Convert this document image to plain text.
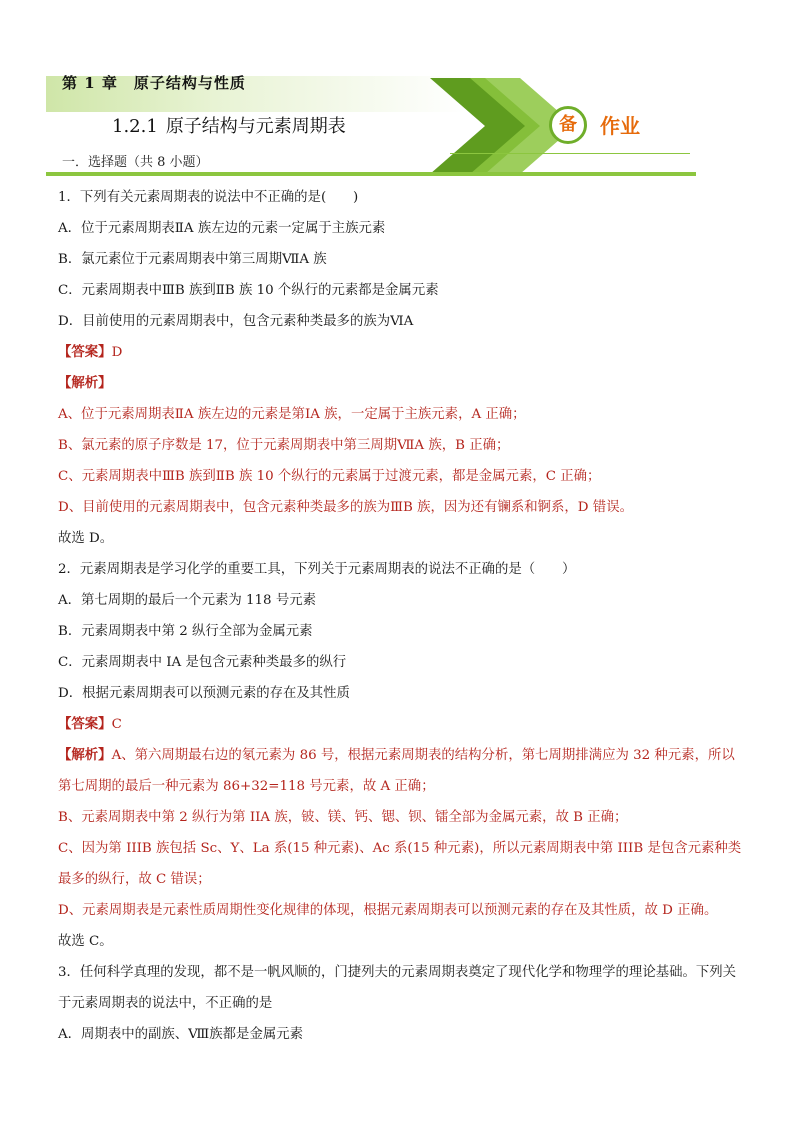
第 1 章　原子结构与性质
1.2.1 原子结构与元素周期表	备	作业
一．选择题（共 8 小题）
1．下列有关元素周期表的说法中不正确的是(　　)
A．位于元素周期表ⅡA 族左边的元素一定属于主族元素
B．氯元素位于元素周期表中第三周期ⅦA 族
C．元素周期表中ⅢB 族到ⅡB 族 10 个纵行的元素都是金属元素
D．目前使用的元素周期表中，包含元素种类最多的族为ⅥA
【答案】D
【解析】
A、位于元素周期表ⅡA 族左边的元素是第ⅠA 族，一定属于主族元素，A 正确；
B、氯元素的原子序数是 17，位于元素周期表中第三周期ⅦA 族，B 正确；
C、元素周期表中ⅢB 族到ⅡB 族 10 个纵行的元素属于过渡元素，都是金属元素，C 正确；
D、目前使用的元素周期表中，包含元素种类最多的族为ⅢB 族，因为还有镧系和锕系，D 错误。
故选 D。
2．元素周期表是学习化学的重要工具，下列关于元素周期表的说法不正确的是（　　）
A．第七周期的最后一个元素为 118 号元素
B．元素周期表中第 2 纵行全部为金属元素
C．元素周期表中 IA 是包含元素种类最多的纵行
D．根据元素周期表可以预测元素的存在及其性质
【答案】C
【解析】A、第六周期最右边的氡元素为 86 号，根据元素周期表的结构分析，第七周期排满应为 32 种元素，所以第七周期的最后一种元素为 86+32=118 号元素，故 A 正确；
B、元素周期表中第 2 纵行为第 IIA 族，铍、镁、钙、锶、钡、镭全部为金属元素，故 B 正确；
C、因为第 IIIB 族包括 Sc、Y、La 系(15 种元素)、Ac 系(15 种元素)，所以元素周期表中第 IIIB 是包含元素种类最多的纵行，故 C 错误；
D、元素周期表是元素性质周期性变化规律的体现，根据元素周期表可以预测元素的存在及其性质，故 D 正确。
故选 C。
3．任何科学真理的发现，都不是一帆风顺的，门捷列夫的元素周期表奠定了现代化学和物理学的理论基础。下列关于元素周期表的说法中，不正确的是
A．周期表中的副族、Ⅷ族都是金属元素
